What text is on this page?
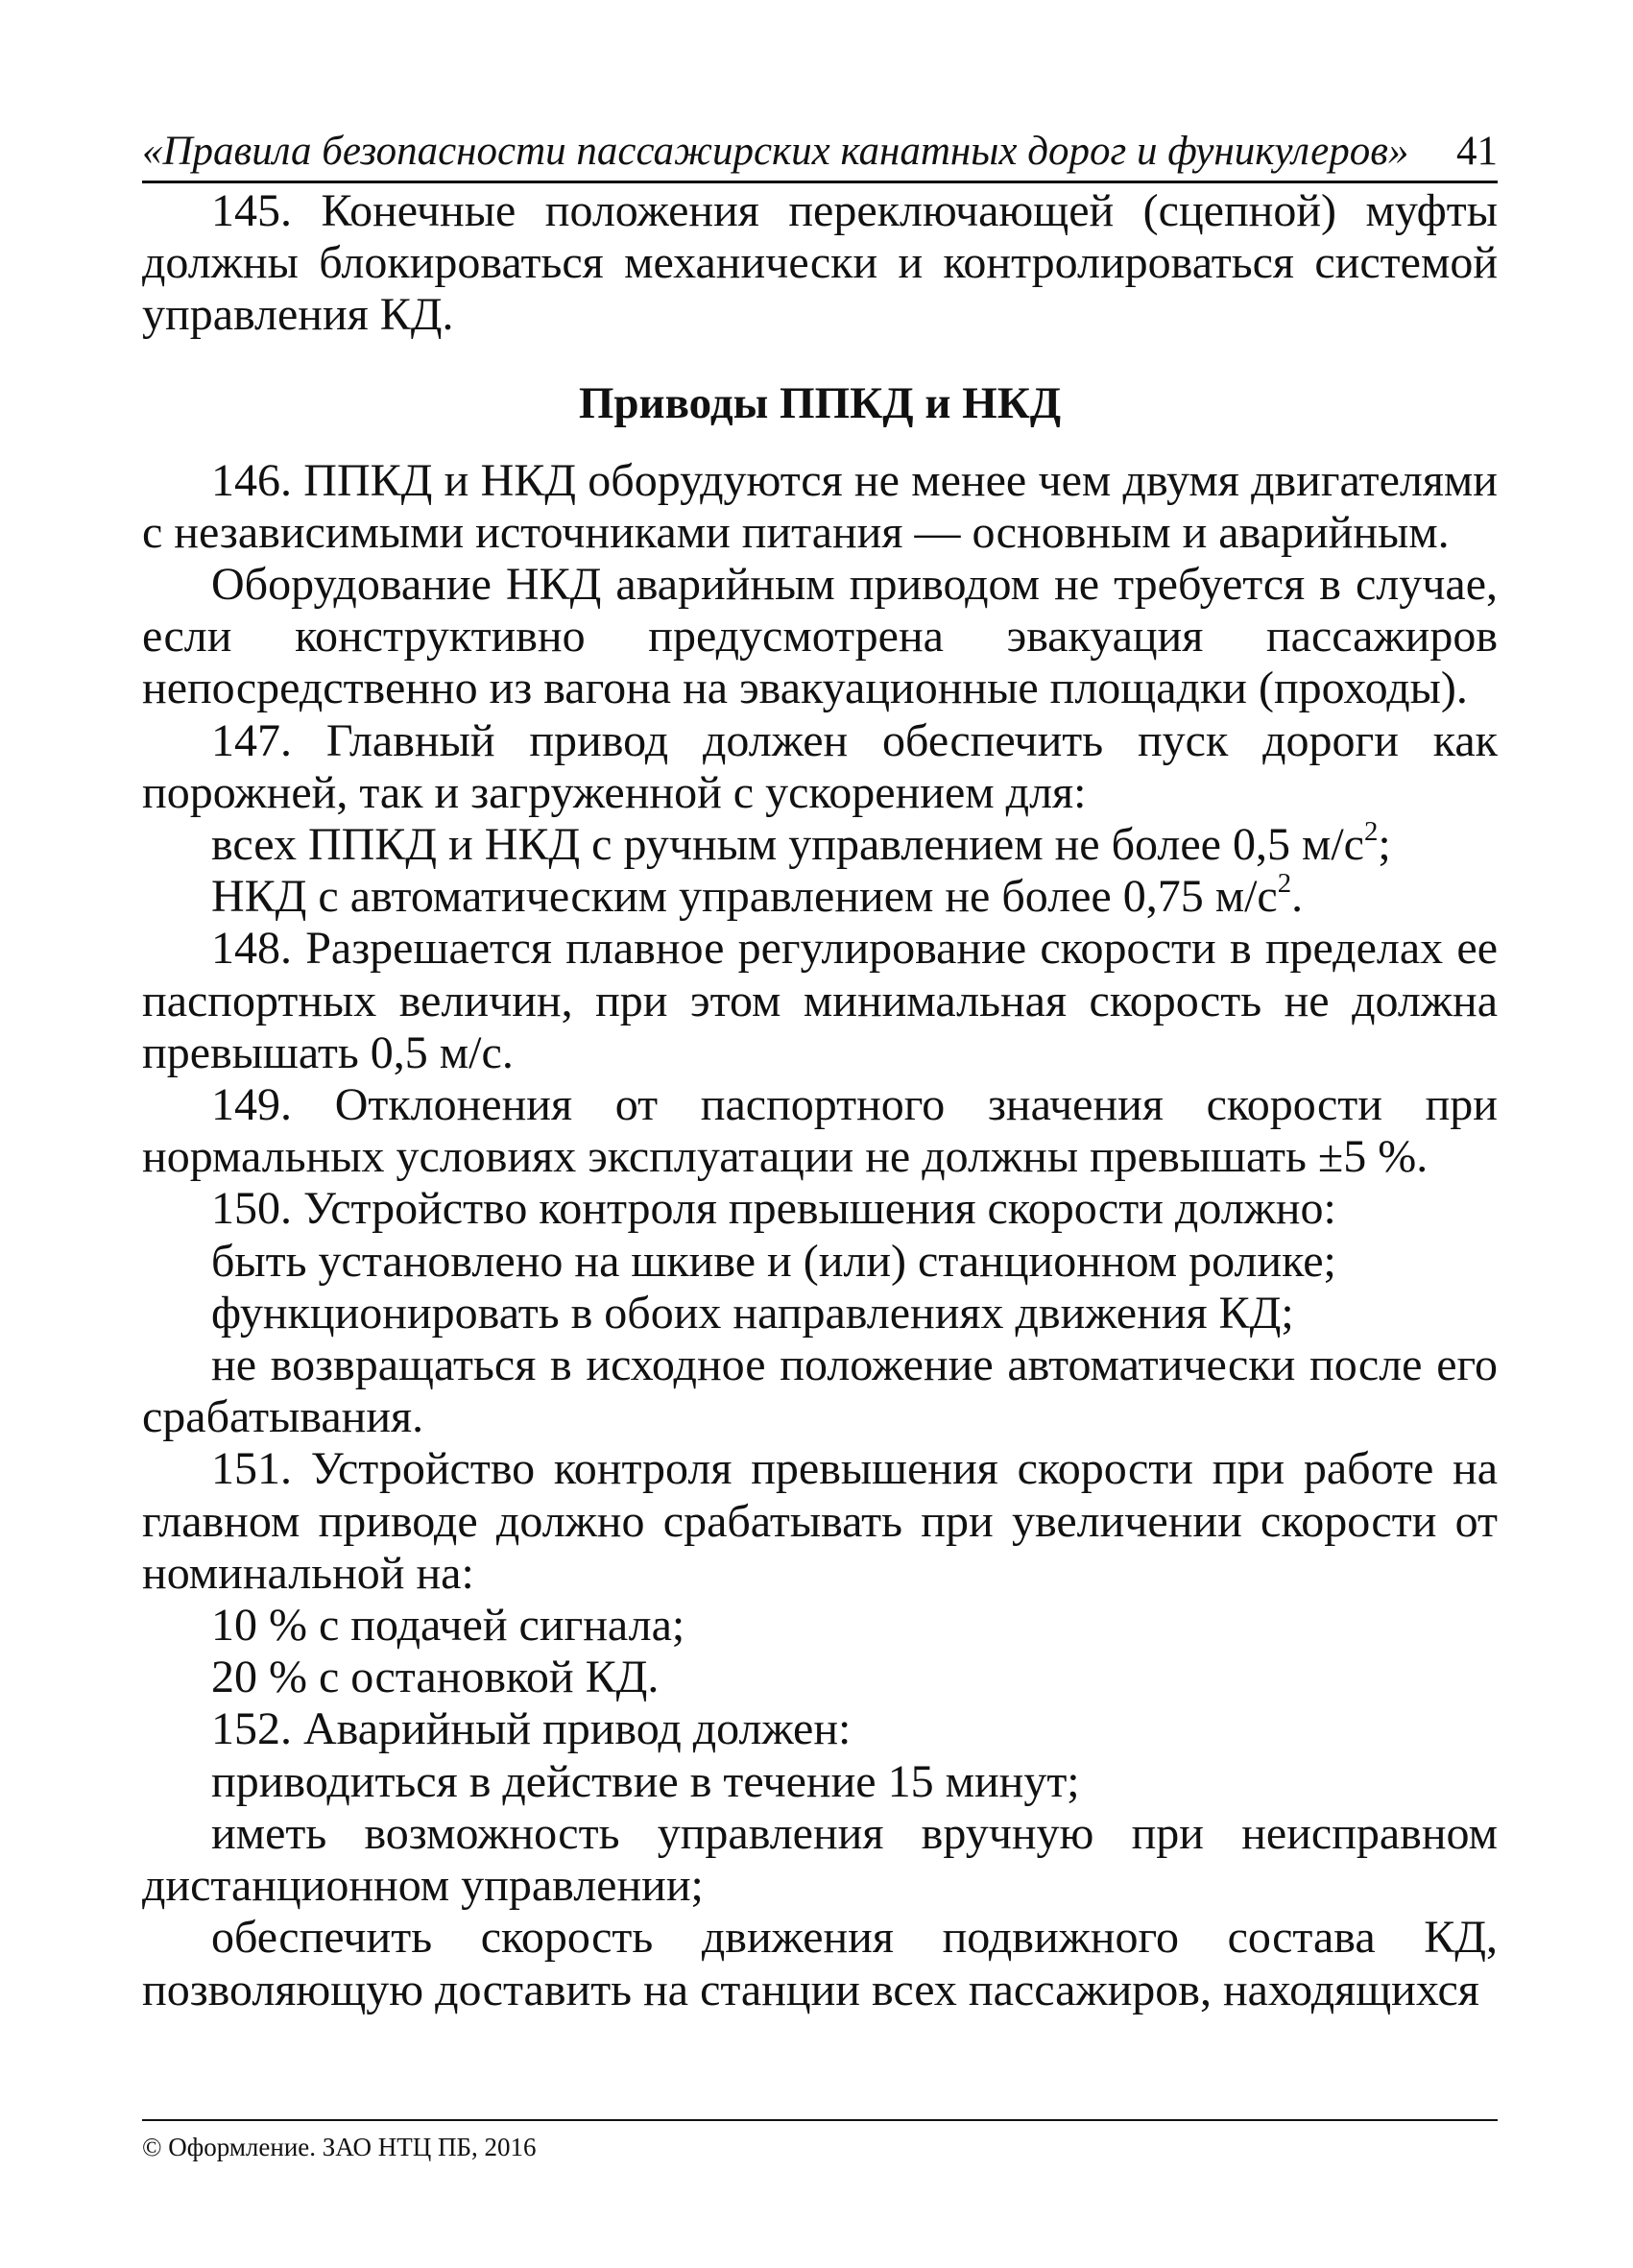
«Правила безопасности пассажирских канатных дорог и фуникулеров» 41

145. Конечные положения переключающей (сцепной) муфты должны блокироваться механически и контролироваться системой управления КД.

Приводы ППКД и НКД

146. ППКД и НКД оборудуются не менее чем двумя двигателями с независимыми источниками питания — основным и аварийным.

Оборудование НКД аварийным приводом не требуется в случае, если конструктивно предусмотрена эвакуация пассажиров непосредственно из вагона на эвакуационные площадки (проходы).

147. Главный привод должен обеспечить пуск дороги как порожней, так и загруженной с ускорением для:

всех ППКД и НКД с ручным управлением не более 0,5 $м/с^2$;

НКД с автоматическим управлением не более 0,75 $м/с^2$.

148. Разрешается плавное регулирование скорости в пределах ее паспортных величин, при этом минимальная скорость не должна превышать 0,5 м/с.

149. Отклонения от паспортного значения скорости при нормальных условиях эксплуатации не должны превышать ±5 %.

150. Устройство контроля превышения скорости должно:

быть установлено на шкиве и (или) станционном ролике;

функционировать в обоих направлениях движения КД;

не возвращаться в исходное положение автоматически после его срабатывания.

151. Устройство контроля превышения скорости при работе на главном приводе должно срабатывать при увеличении скорости от номинальной на:

10 % с подачей сигнала;

20 % с остановкой КД.

152. Аварийный привод должен:

приводиться в действие в течение 15 минут;

иметь возможность управления вручную при неисправном дистанционном управлении;

обеспечить скорость движения подвижного состава КД, позволяющую доставить на станции всех пассажиров, находящихся

© Оформление. ЗАО НТЦ ПБ, 2016
